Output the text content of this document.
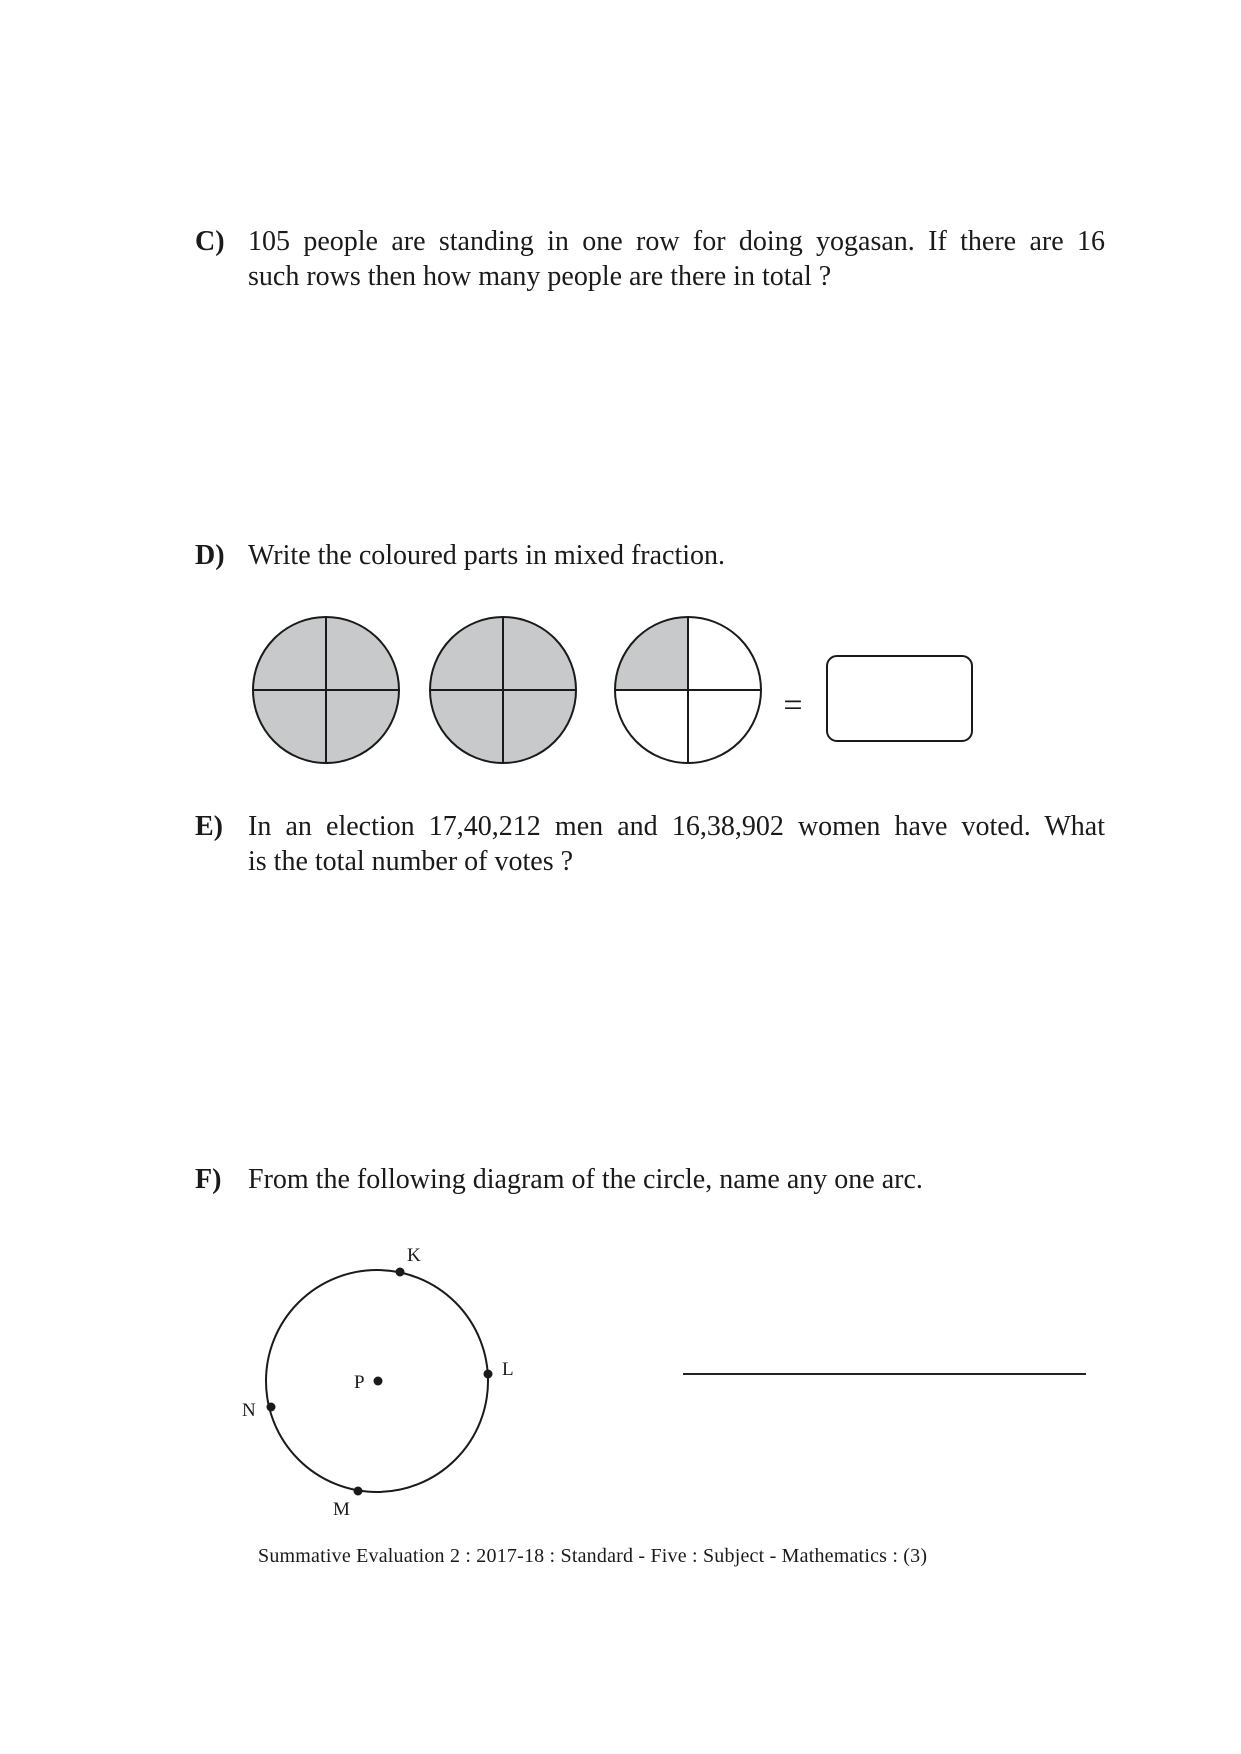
C) 105 people are standing in one row for doing yogasan. If there are 16
such rows then how many people are there in total ?
D) Write the coloured parts in mixed fraction.
=
E) In an election 17,40,212 men and 16,38,902 women have voted. What
is the total number of votes ?
F) From the following diagram of the circle, name any one arc.
P
K
L
N
M
Summative Evaluation 2 : 2017-18 : Standard - Five : Subject - Mathematics : (3)
